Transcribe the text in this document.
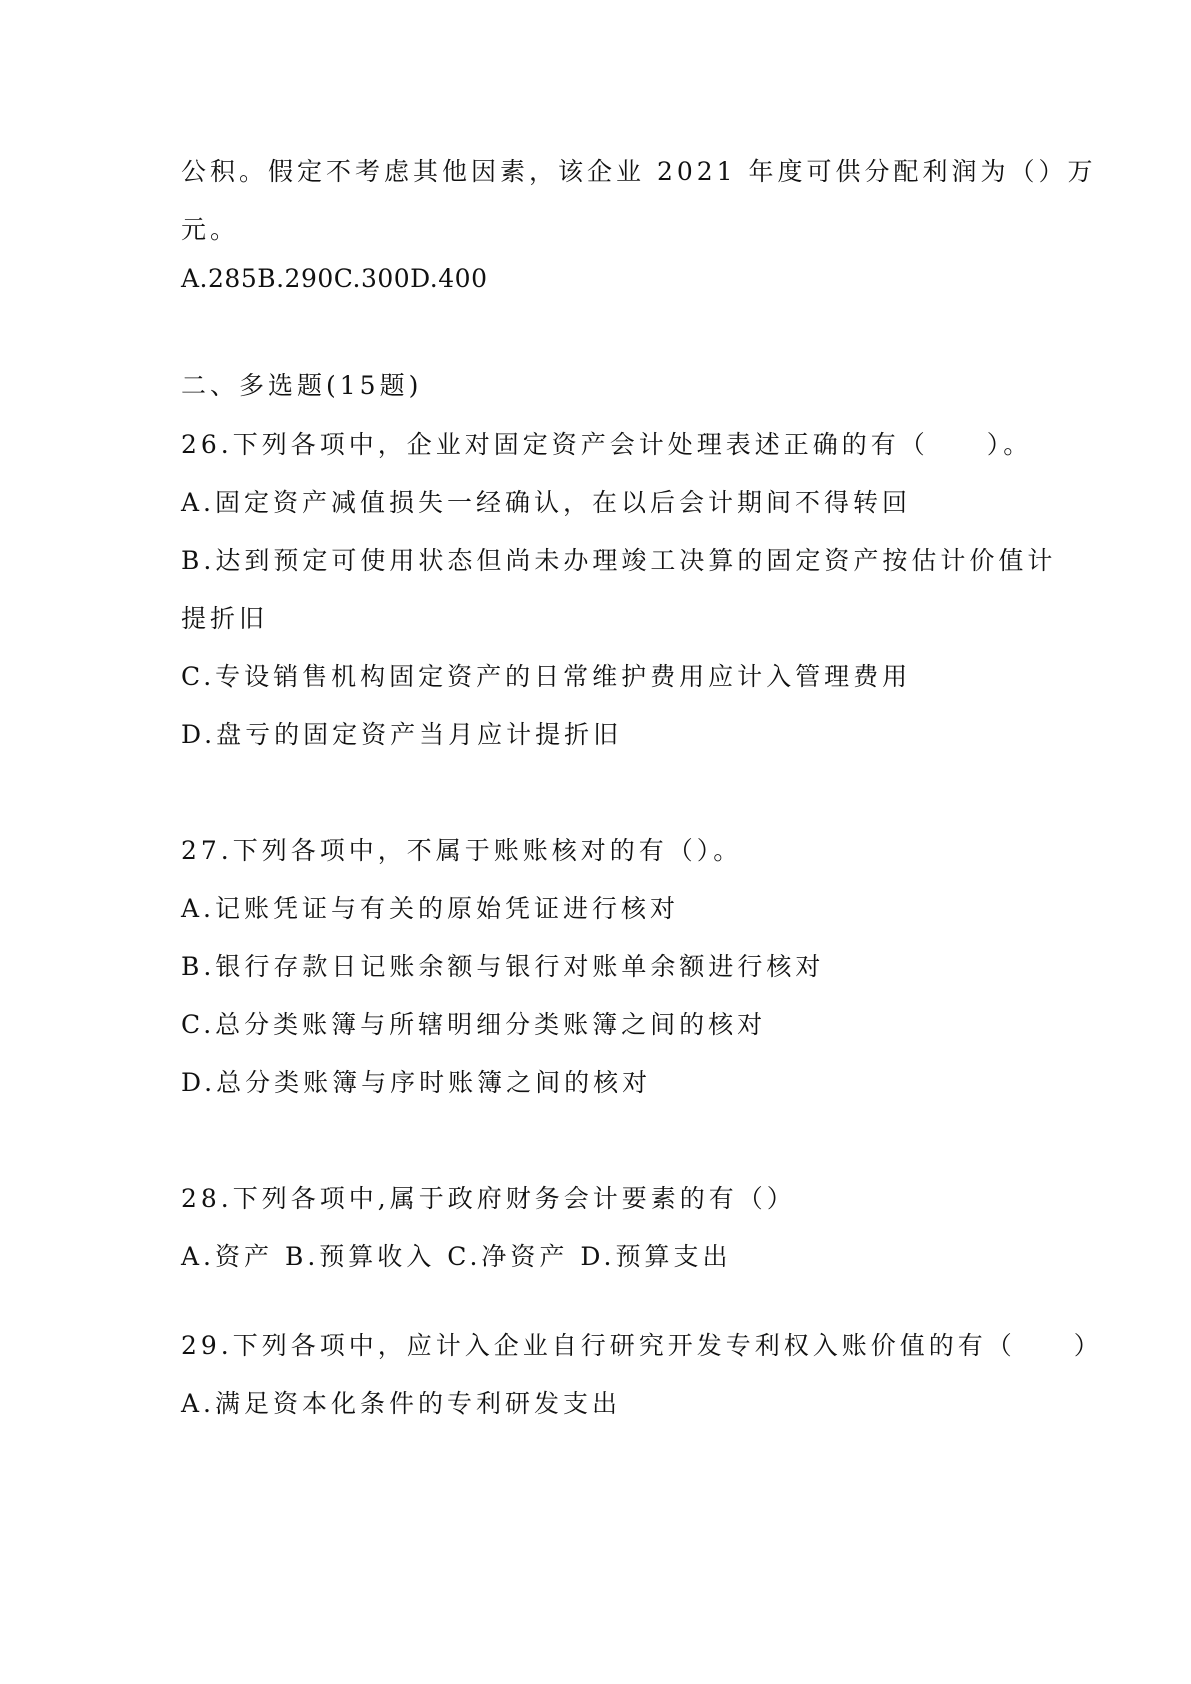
公积。假定不考虑其他因素，该企业 2021 年度可供分配利润为（）万
元。
A.285B.290C.300D.400
二、多选题(15题)
26.下列各项中，企业对固定资产会计处理表述正确的有（　　）。
A.固定资产减值损失一经确认，在以后会计期间不得转回
B.达到预定可使用状态但尚未办理竣工决算的固定资产按估计价值计
提折旧
C.专设销售机构固定资产的日常维护费用应计入管理费用
D.盘亏的固定资产当月应计提折旧
27.下列各项中，不属于账账核对的有（）。
A.记账凭证与有关的原始凭证进行核对
B.银行存款日记账余额与银行对账单余额进行核对
C.总分类账簿与所辖明细分类账簿之间的核对
D.总分类账簿与序时账簿之间的核对
28.下列各项中,属于政府财务会计要素的有（）
A.资产 B.预算收入 C.净资产 D.预算支出
29.下列各项中，应计入企业自行研究开发专利权入账价值的有（　　）
A.满足资本化条件的专利研发支出
